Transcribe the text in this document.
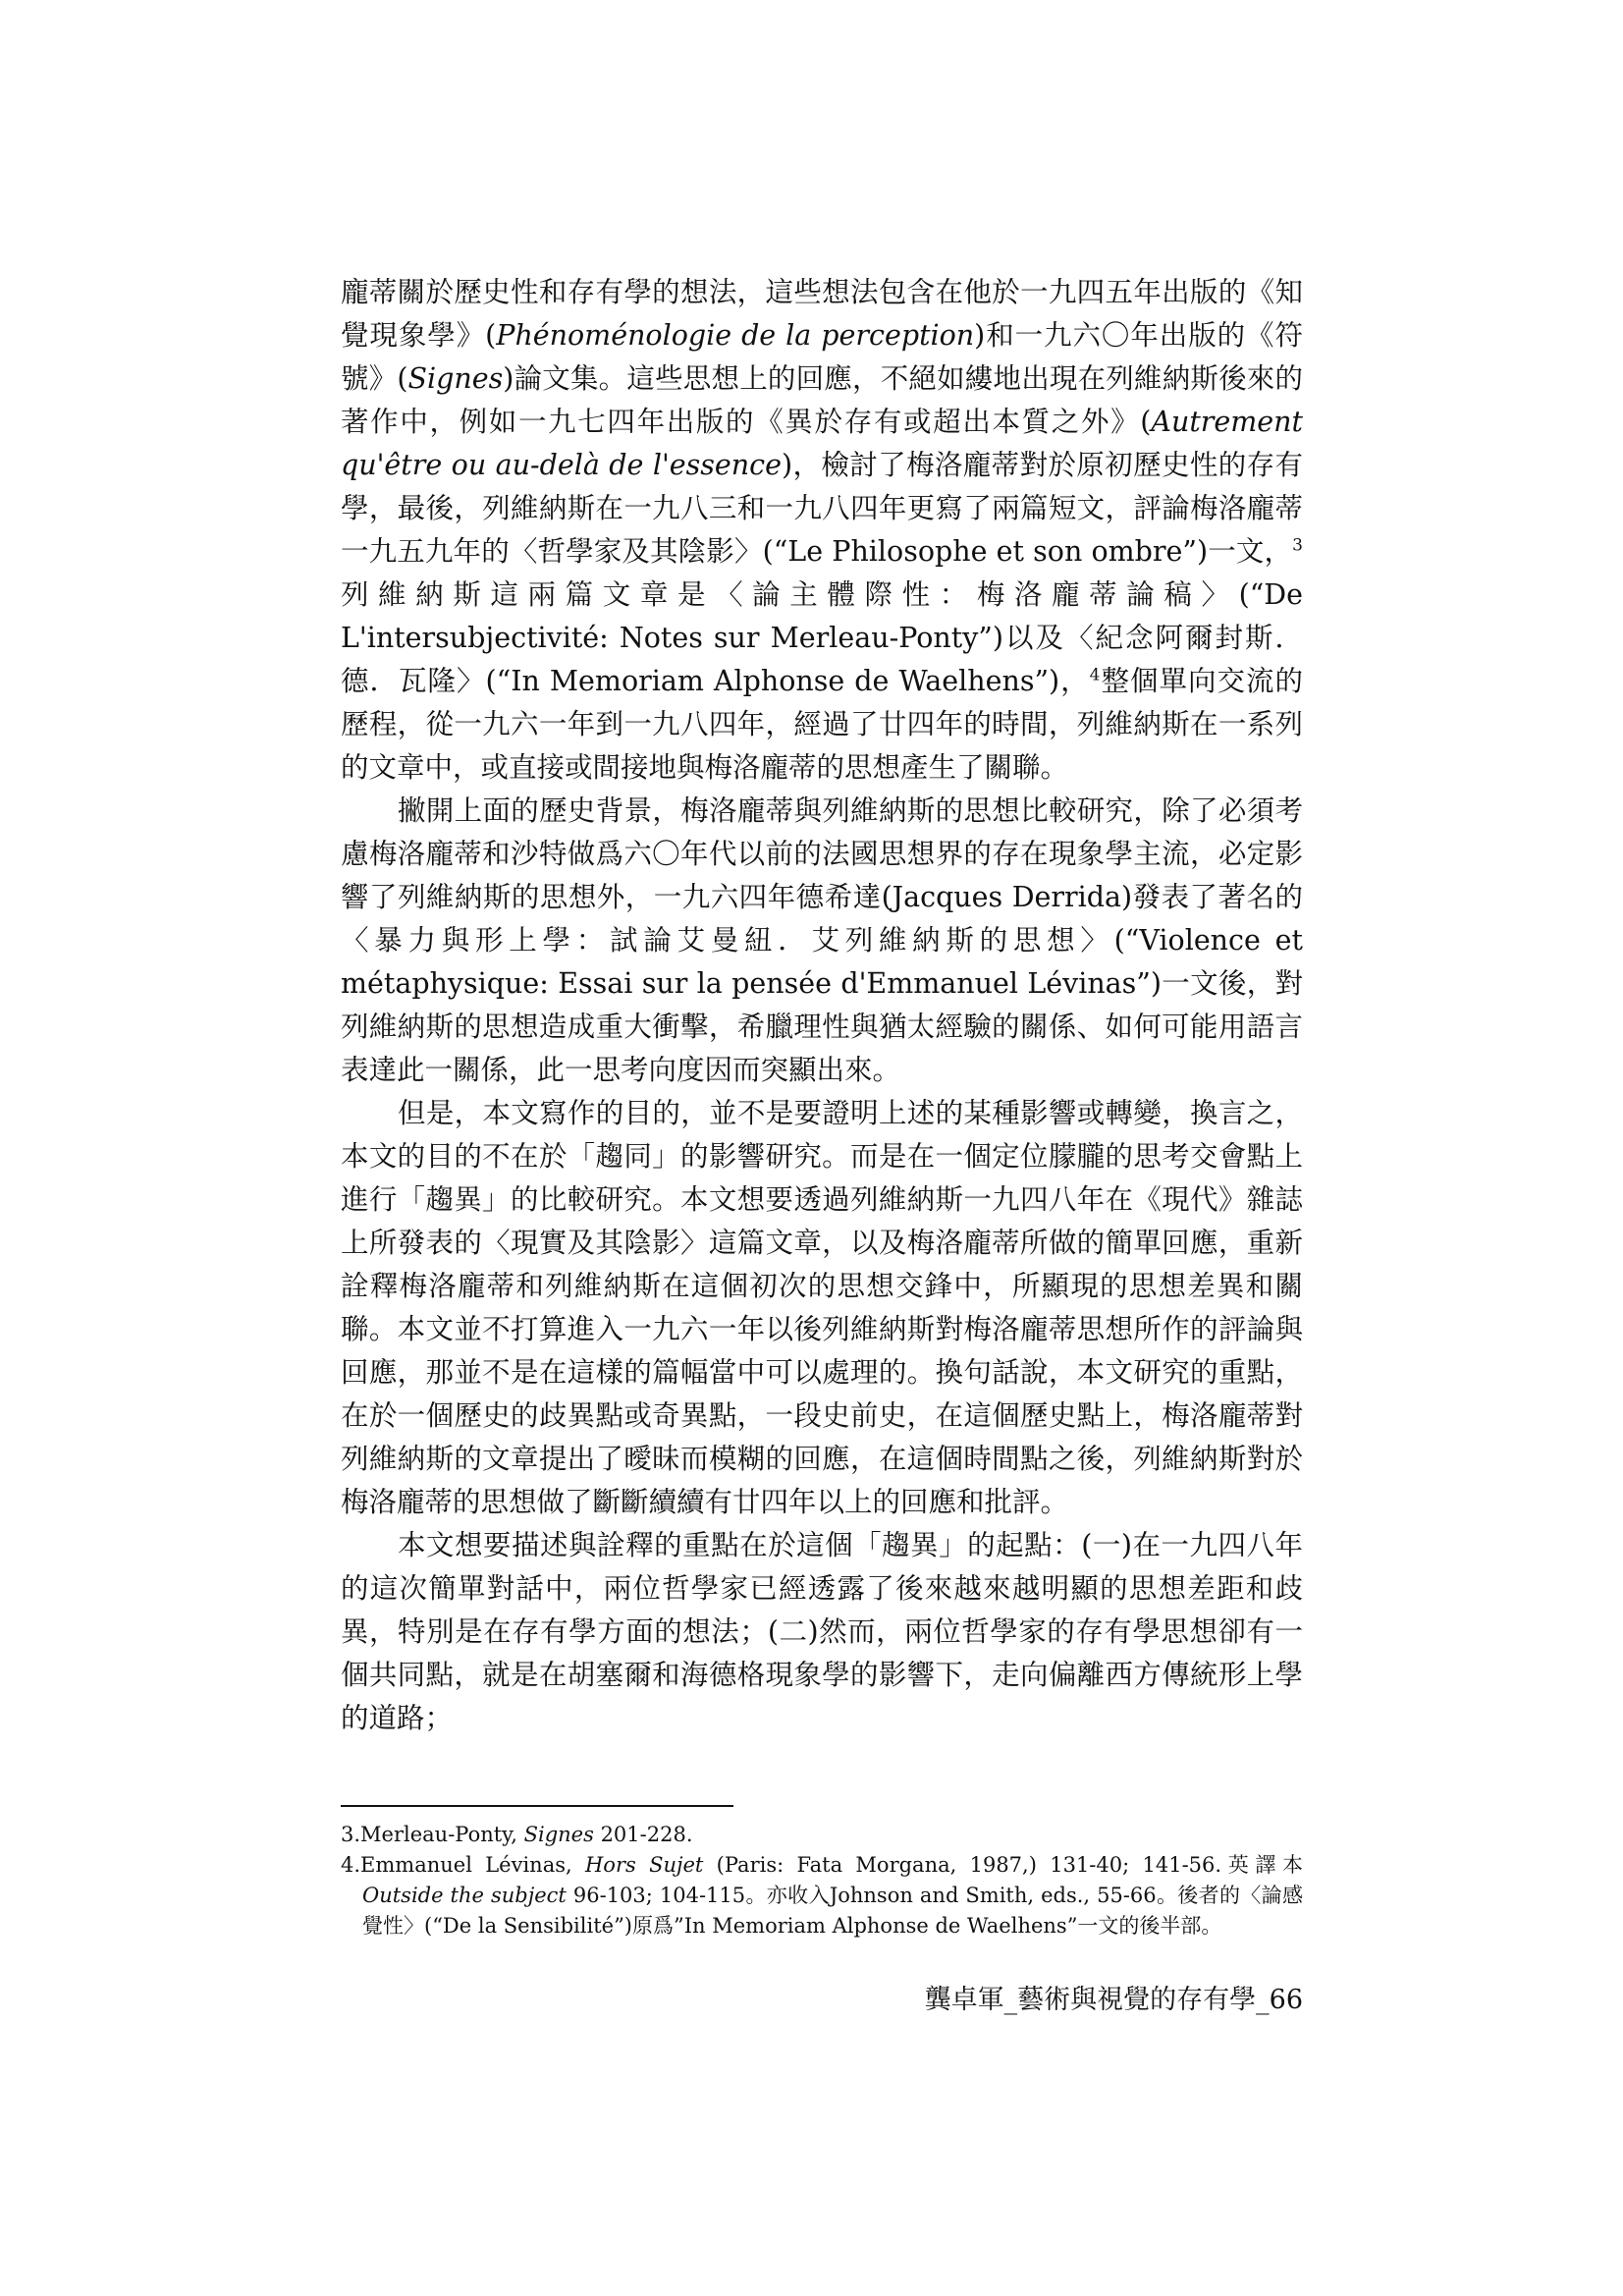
龐蒂關於歷史性和存有學的想法，這些想法包含在他於一九四五年出版的《知覺現象學》(Phénoménologie de la perception)和一九六〇年出版的《符號》(Signes)論文集。這些思想上的回應，不絕如縷地出現在列維納斯後來的著作中，例如一九七四年出版的《異於存有或超出本質之外》(Autrement qu'être ou au-delà de l'essence)，檢討了梅洛龐蒂對於原初歷史性的存有學，最後，列維納斯在一九八三和一九八四年更寫了兩篇短文，評論梅洛龐蒂一九五九年的〈哲學家及其陰影〉(“Le Philosophe et son ombre”)一文，$^3$ 列維納斯這兩篇文章是〈論主體際性：梅洛龐蒂論稿〉(“De L'intersubjectivité: Notes sur Merleau-Ponty”)以及〈紀念阿爾封斯．德．瓦隆〉(“In Memoriam Alphonse de Waelhens”)，$^4$整個單向交流的歷程，從一九六一年到一九八四年，經過了廿四年的時間，列維納斯在一系列的文章中，或直接或間接地與梅洛龐蒂的思想產生了關聯。

撇開上面的歷史背景，梅洛龐蒂與列維納斯的思想比較研究，除了必須考慮梅洛龐蒂和沙特做爲六〇年代以前的法國思想界的存在現象學主流，必定影響了列維納斯的思想外，一九六四年德希達(Jacques Derrida)發表了著名的〈暴力與形上學：試論艾曼紐．艾列維納斯的思想〉(“Violence et métaphysique: Essai sur la pensée d'Emmanuel Lévinas”)一文後，對列維納斯的思想造成重大衝擊，希臘理性與猶太經驗的關係、如何可能用語言表達此一關係，此一思考向度因而突顯出來。

但是，本文寫作的目的，並不是要證明上述的某種影響或轉變，換言之，本文的目的不在於「趨同」的影響研究。而是在一個定位朦朧的思考交會點上進行「趨異」的比較研究。本文想要透過列維納斯一九四八年在《現代》雜誌上所發表的〈現實及其陰影〉這篇文章，以及梅洛龐蒂所做的簡單回應，重新詮釋梅洛龐蒂和列維納斯在這個初次的思想交鋒中，所顯現的思想差異和關聯。本文並不打算進入一九六一年以後列維納斯對梅洛龐蒂思想所作的評論與回應，那並不是在這樣的篇幅當中可以處理的。換句話說，本文研究的重點，在於一個歷史的歧異點或奇異點，一段史前史，在這個歷史點上，梅洛龐蒂對列維納斯的文章提出了曖昧而模糊的回應，在這個時間點之後，列維納斯對於梅洛龐蒂的思想做了斷斷續續有廿四年以上的回應和批評。

本文想要描述與詮釋的重點在於這個「趨異」的起點：(一)在一九四八年的這次簡單對話中，兩位哲學家已經透露了後來越來越明顯的思想差距和歧異，特別是在存有學方面的想法；(二)然而，兩位哲學家的存有學思想卻有一個共同點，就是在胡塞爾和海德格現象學的影響下，走向偏離西方傳統形上學的道路；

3.Merleau-Ponty, Signes 201-228.

4.Emmanuel Lévinas, Hors Sujet (Paris: Fata Morgana, 1987,) 131-40; 141-56.英譯本Outside the subject 96-103; 104-115。亦收入Johnson and Smith, eds., 55-66。後者的〈論感覺性〉(“De la Sensibilité”)原爲”In Memoriam Alphonse de Waelhens”一文的後半部。

龔卓軍_藝術與視覺的存有學_66
